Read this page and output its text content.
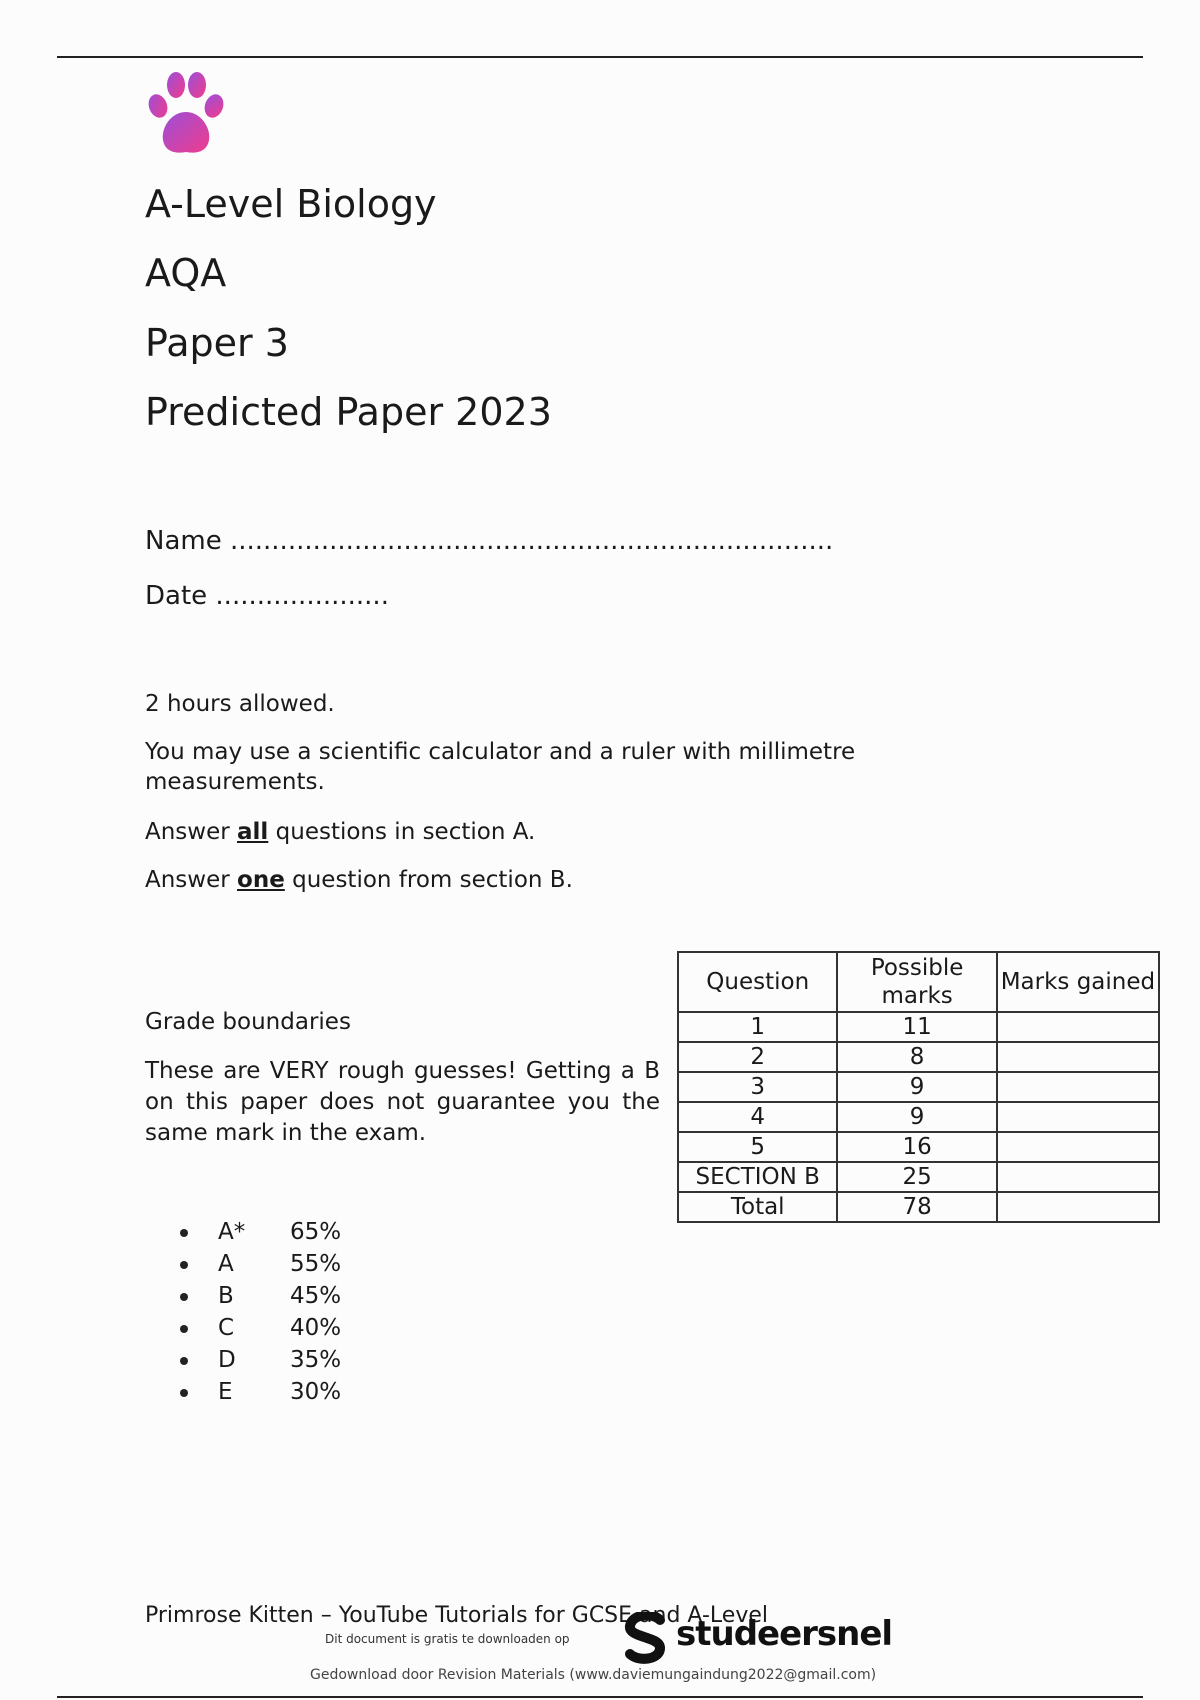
A-Level Biology
AQA
Paper 3
Predicted Paper 2023
Name .........................................................................
Date .....................
2 hours allowed.
You may use a scientific calculator and a ruler with millimetre measurements.
Answer all questions in section A.
Answer one question from section B.
Grade boundaries
These are VERY rough guesses! Getting a B on this paper does not guarantee you the same mark in the exam.
A* 65%
A 55%
B 45%
C 40%
D 35%
E 30%
Question	Possible marks	Marks gained
1	11	
2	8	
3	9	
4	9	
5	16	
SECTION B	25	
Total	78	
Primrose Kitten – YouTube Tutorials for GCSE and A-Level
Dit document is gratis te downloaden op	studeersnel
Gedownload door Revision Materials (www.daviemungaindung2022@gmail.com)
